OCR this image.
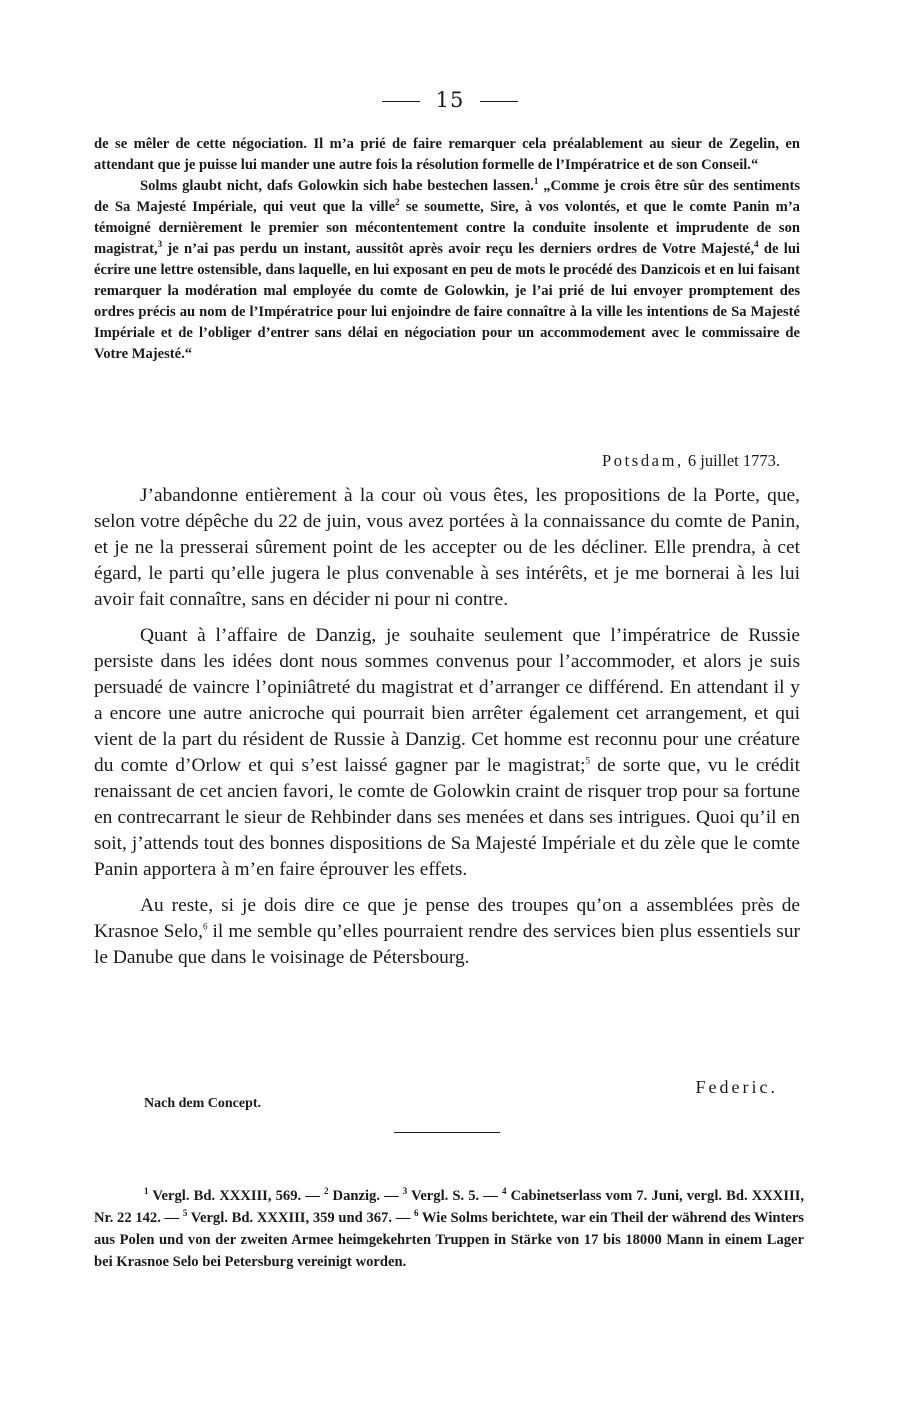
15

de se mêler de cette négociation. Il m’a prié de faire remarquer cela préalablement au sieur de Zegelin, en attendant que je puisse lui mander une autre fois la résolution formelle de l’Impératrice et de son Conseil.“

Solms glaubt nicht, dafs Golowkin sich habe bestechen lassen.$^1$ „Comme je crois être sûr des sentiments de Sa Majesté Impériale, qui veut que la ville$^2$ se soumette, Sire, à vos volontés, et que le comte Panin m’a témoigné dernièrement le premier son mécontentement contre la conduite insolente et imprudente de son magistrat,$^3$ je n’ai pas perdu un instant, aussitôt après avoir reçu les derniers ordres de Votre Majesté,$^4$ de lui écrire une lettre ostensible, dans laquelle, en lui exposant en peu de mots le procédé des Danzicois et en lui faisant remarquer la modération mal employée du comte de Golowkin, je l’ai prié de lui envoyer promptement des ordres précis au nom de l’Impératrice pour lui enjoindre de faire connaître à la ville les intentions de Sa Majesté Impériale et de l’obliger d’entrer sans délai en négociation pour un accommodement avec le commissaire de Votre Majesté.“

Potsdam, 6 juillet 1773.

J’abandonne entièrement à la cour où vous êtes, les propositions de la Porte, que, selon votre dépêche du 22 de juin, vous avez portées à la connaissance du comte de Panin, et je ne la presserai sûrement point de les accepter ou de les décliner. Elle prendra, à cet égard, le parti qu’elle jugera le plus convenable à ses intérêts, et je me bornerai à les lui avoir fait connaître, sans en décider ni pour ni contre.

Quant à l’affaire de Danzig, je souhaite seulement que l’impératrice de Russie persiste dans les idées dont nous sommes convenus pour l’accommoder, et alors je suis persuadé de vaincre l’opiniâtreté du magistrat et d’arranger ce différend. En attendant il y a encore une autre anicroche qui pourrait bien arrêter également cet arrangement, et qui vient de la part du résident de Russie à Danzig. Cet homme est reconnu pour une créature du comte d’Orlow et qui s’est laissé gagner par le magistrat;$^5$ de sorte que, vu le crédit renaissant de cet ancien favori, le comte de Golowkin craint de risquer trop pour sa fortune en contrecarrant le sieur de Rehbinder dans ses menées et dans ses intrigues. Quoi qu’il en soit, j’attends tout des bonnes dispositions de Sa Majesté Impériale et du zèle que le comte Panin apportera à m’en faire éprouver les effets.

Au reste, si je dois dire ce que je pense des troupes qu’on a assemblées près de Krasnoe Selo,$^6$ il me semble qu’elles pourraient rendre des services bien plus essentiels sur le Danube que dans le voisinage de Pétersbourg.

Federic.
Nach dem Concept.
$^1$ Vergl. Bd. XXXIII, 569. — $^2$ Danzig. — $^3$ Vergl. S. 5. — $^4$ Cabinetserlass vom 7. Juni, vergl. Bd. XXXIII, Nr. 22 142. — $^5$ Vergl. Bd. XXXIII, 359 und 367. — $^6$ Wie Solms berichtete, war ein Theil der während des Winters aus Polen und von der zweiten Armee heimgekehrten Truppen in Stärke von 17 bis 18000 Mann in einem Lager bei Krasnoe Selo bei Petersburg vereinigt worden.
